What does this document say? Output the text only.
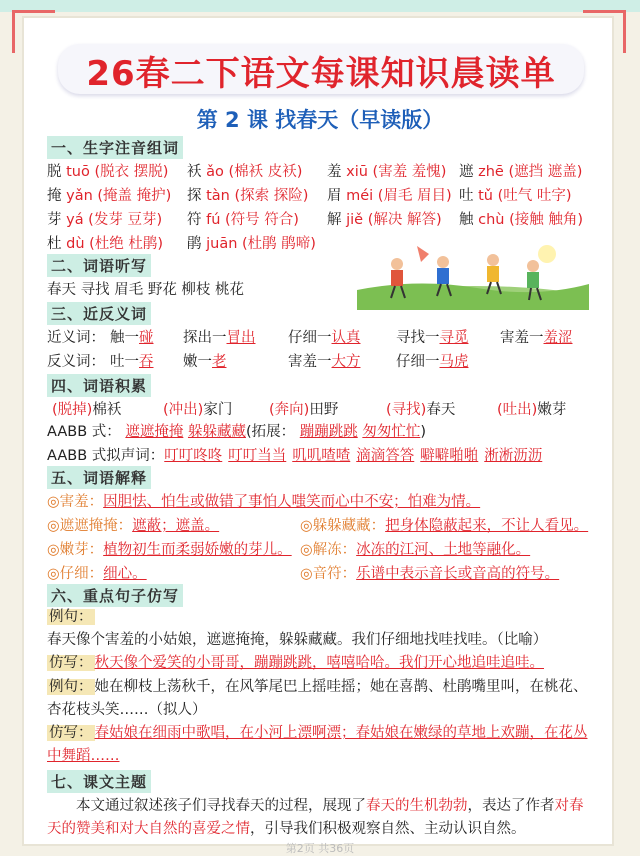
26春二下语文每课知识晨读单
第 2 课 找春天（早读版）
一、生字注音组词
脱 tuō (脱衣 摆脱) 袄 ǎo (棉袄 皮袄) 羞 xiū (害羞 羞愧) 遮 zhē (遮挡 遮盖)
掩 yǎn (掩盖 掩护) 探 tàn (探索 探险) 眉 méi (眉毛 眉目) 吐 tǔ (吐气 吐字)
芽 yá (发芽 豆芽) 符 fú (符号 符合) 解 jiě (解决 解答) 触 chù (接触 触角)
杜 dù (杜绝 杜鹃) 鹃 juān (杜鹃 鹃啼)
二、词语听写
春天 寻找 眉毛 野花 柳枝 桃花
三、近反义词
近义词： 触一碰 探出一冒出 仔细一认真 寻找一寻觅 害羞一羞涩
反义词： 吐一吞 嫩一老	害羞一大方 仔细一马虎
四、词语积累
(脱掉)棉袄	(冲出)家门	(奔向)田野	(寻找)春天	(吐出)嫩芽
AABB 式： 遮遮掩掩 躲躲藏藏(拓展： 蹦蹦跳跳 匆匆忙忙)
AABB 式拟声词：叮叮咚咚 叮叮当当 叽叽喳喳 滴滴答答 噼噼啪啪 淅淅沥沥
五、词语解释
◎害羞：因胆怯、怕生或做错了事怕人嗤笑而心中不安；怕难为情。
◎遮遮掩掩：遮蔽；遮盖。	◎躲躲藏藏：把身体隐蔽起来，不让人看见。
◎嫩芽：植物初生而柔弱娇嫩的芽儿。 ◎解冻：冰冻的江河、土地等融化。
◎仔细：细心。	◎音符：乐谱中表示音长或音高的符号。
六、重点句子仿写
例句：春天像个害羞的小姑娘，遮遮掩掩，躲躲藏藏。我们仔细地找哇找哇。（比喻）
仿写： 秋天像个爱笑的小哥哥，蹦蹦跳跳，嘻嘻哈哈。我们开心地追哇追哇。
例句： 她在柳枝上荡秋千，在风筝尾巴上摇哇摇；她在喜鹊、杜鹃嘴里叫，在桃花、杏花枝头笑……（拟人）
仿写： 春姑娘在细雨中歌唱，在小河上漂啊漂；春姑娘在嫩绿的草地上欢蹦，在花丛中舞蹈……
七、课文主题
本文通过叙述孩子们寻找春天的过程，展现了春天的生机勃勃，表达了作者对春天的赞美和对大自然的喜爱之情，引导我们积极观察自然、主动认识自然。
第2页 共36页
